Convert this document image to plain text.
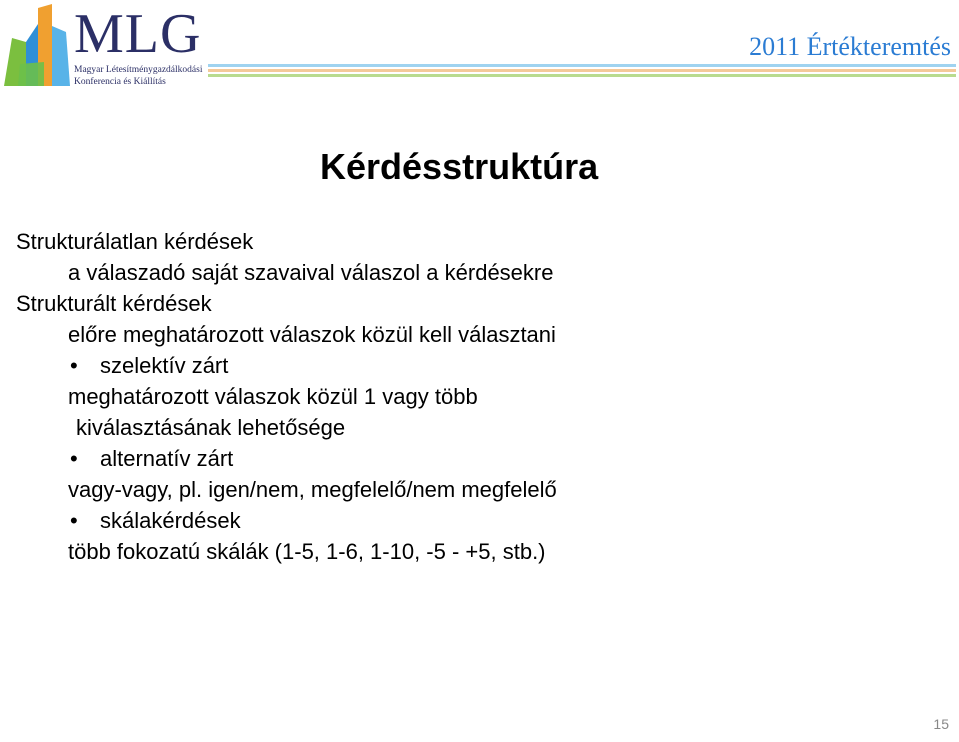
MLG
Magyar Létesítménygazdálkodási
Konferencia és Kiállítás
2011 Értékteremtés
Kérdésstruktúra
Strukturálatlan kérdések
a válaszadó saját szavaival válaszol a kérdésekre
Strukturált kérdések
előre meghatározott válaszok közül kell választani
• szelektív zárt
meghatározott válaszok közül 1 vagy több
kiválasztásának lehetősége
• alternatív zárt
vagy-vagy, pl. igen/nem, megfelelő/nem megfelelő
• skálakérdések
több fokozatú skálák (1-5, 1-6, 1-10, -5 - +5, stb.)
15
